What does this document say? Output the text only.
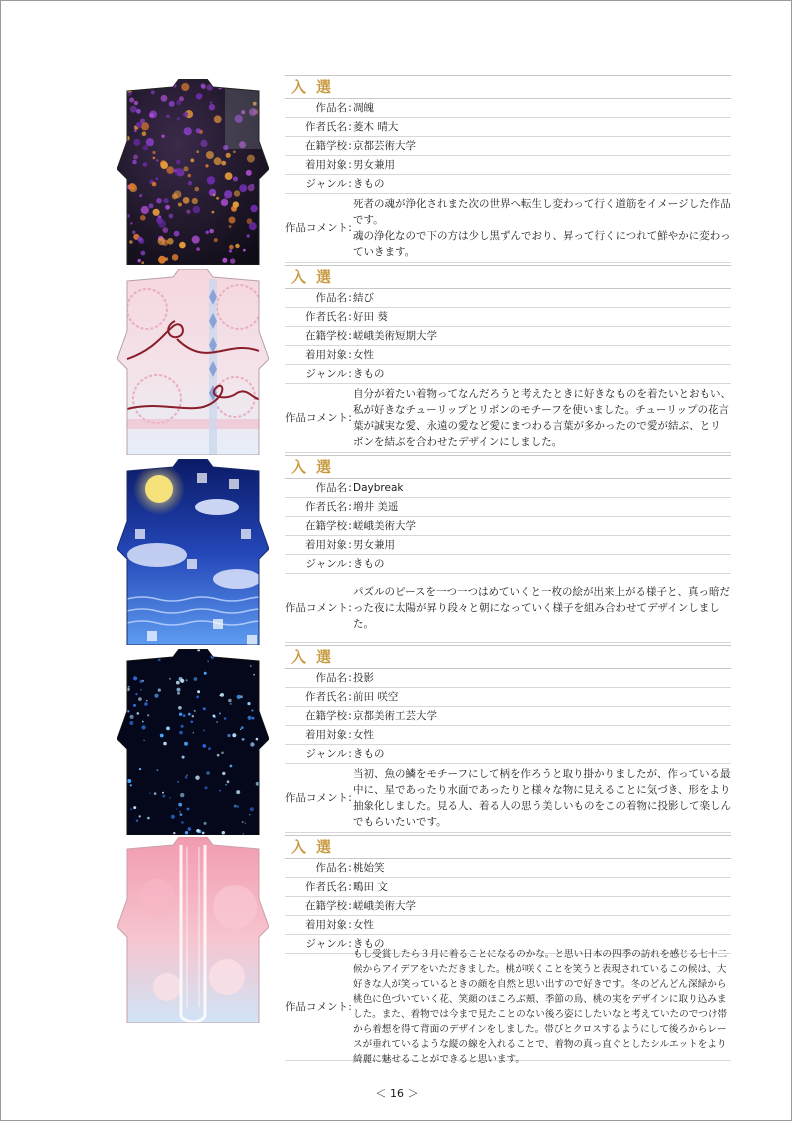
入選
作品名 : 凋魄
作者氏名 : 菱木 晴大
在籍学校 : 京都芸術大学
着用対象 : 男女兼用
ジャンル : きもの
作品コメント :
死者の魂が浄化されまた次の世界へ転生し変わって行く道筋をイメージした作品です。
魂の浄化なので下の方は少し黒ずんでおり、昇って行くにつれて鮮やかに変わっていきます。
入選
作品名 : 結び
作者氏名 : 好田 葵
在籍学校 : 嵯峨美術短期大学
着用対象 : 女性
ジャンル : きもの
作品コメント :
自分が着たい着物ってなんだろうと考えたときに好きなものを着たいとおもい、私が好きなチューリップとリボンのモチーフを使いました。チューリップの花言葉が誠実な愛、永遠の愛など愛にまつわる言葉が多かったので愛が結ぶ、とリボンを結ぶを合わせたデザインにしました。
入選
作品名 : Daybreak
作者氏名 : 増井 美遥
在籍学校 : 嵯峨美術大学
着用対象 : 男女兼用
ジャンル : きもの
作品コメント :
パズルのピースを一つ一つはめていくと一枚の絵が出来上がる様子と、真っ暗だった夜に太陽が昇り段々と朝になっていく様子を組み合わせてデザインしました。
入選
作品名 : 投影
作者氏名 : 前田 咲空
在籍学校 : 京都美術工芸大学
着用対象 : 女性
ジャンル : きもの
作品コメント :
当初、魚の鱗をモチーフにして柄を作ろうと取り掛かりましたが、作っている最中に、星であったり水面であったりと様々な物に見えることに気づき、形をより抽象化しました。見る人、着る人の思う美しいものをこの着物に投影して楽しんでもらいたいです。
入選
作品名 : 桃始笑
作者氏名 : 鴫田 文
在籍学校 : 嵯峨美術大学
着用対象 : 女性
ジャンル : きもの
作品コメント :
もし受賞したら３月に着ることになるのかな。と思い日本の四季の訪れを感じる七十二候からアイデアをいただきました。桃が咲くことを笑うと表現されているこの候は、大好きな人が笑っているときの顔を自然と思い出すので好きです。冬のどんどん深緑から桃色に色づいていく花、笑顔のほころぶ頬、季節の鳥、桃の実をデザインに取り込みました。また、着物では今まで見たことのない後ろ姿にしたいなと考えていたのでつけ帯から着想を得て背面のデザインをしました。帯びとクロスするようにして後ろからレースが垂れているような縦の線を入れることで、着物の真っ直ぐとしたシルエットをより綺麗に魅せることができると思います。
＜ 16 ＞
